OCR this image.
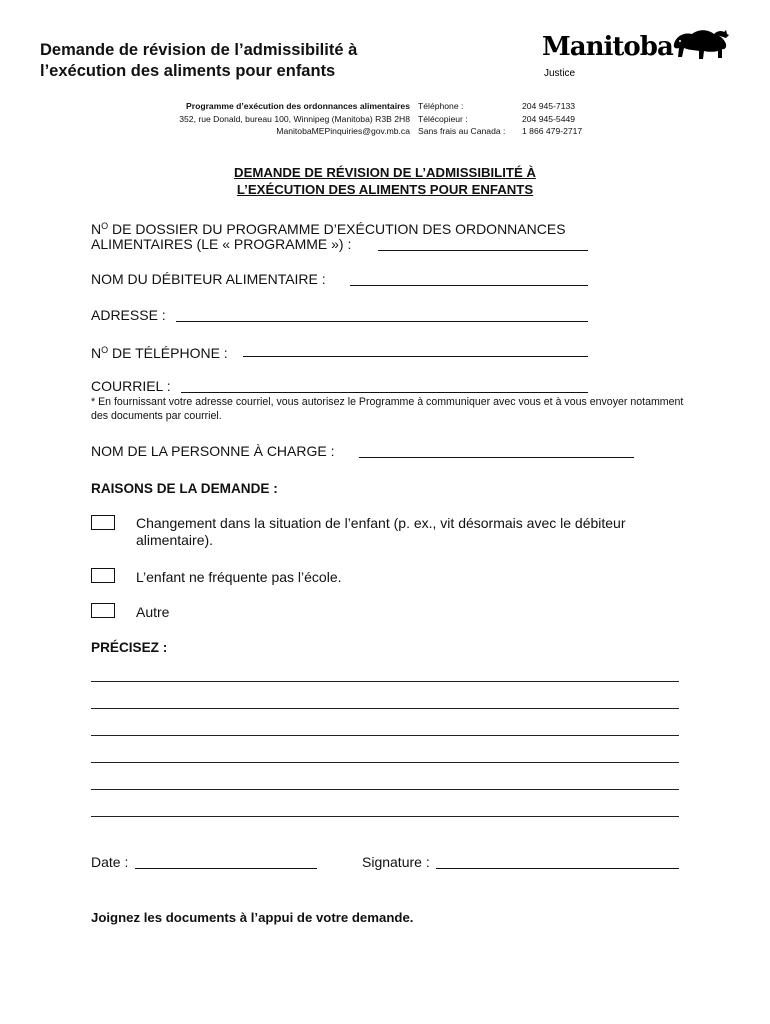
Demande de révision de l’admissibilité à
l’exécution des aliments pour enfants
Manitoba
Justice
Programme d’exécution des ordonnances alimentaires
352, rue Donald, bureau 100, Winnipeg (Manitoba) R3B 2H8
ManitobaMEPinquiries@gov.mb.ca
Téléphone :
Télécopieur :
Sans frais au Canada :
204 945-7133
204 945-5449
1 866 479-2717
DEMANDE DE RÉVISION DE L’ADMISSIBILITÉ À
L’EXÉCUTION DES ALIMENTS POUR ENFANTS
$N^O$ DE DOSSIER DU PROGRAMME D’EXÉCUTION DES ORDONNANCES
ALIMENTAIRES (LE « PROGRAMME ») :
NOM DU DÉBITEUR ALIMENTAIRE :
ADRESSE :
$N^O$ DE TÉLÉPHONE :
COURRIEL :
* En fournissant votre adresse courriel, vous autorisez le Programme à communiquer avec vous et à vous envoyer notamment des documents par courriel.
NOM DE LA PERSONNE À CHARGE :
RAISONS DE LA DEMANDE :
Changement dans la situation de l’enfant (p. ex., vit désormais avec le débiteur alimentaire).
L’enfant ne fréquente pas l’école.
Autre
PRÉCISEZ :
Date :	Signature :
Joignez les documents à l’appui de votre demande.
